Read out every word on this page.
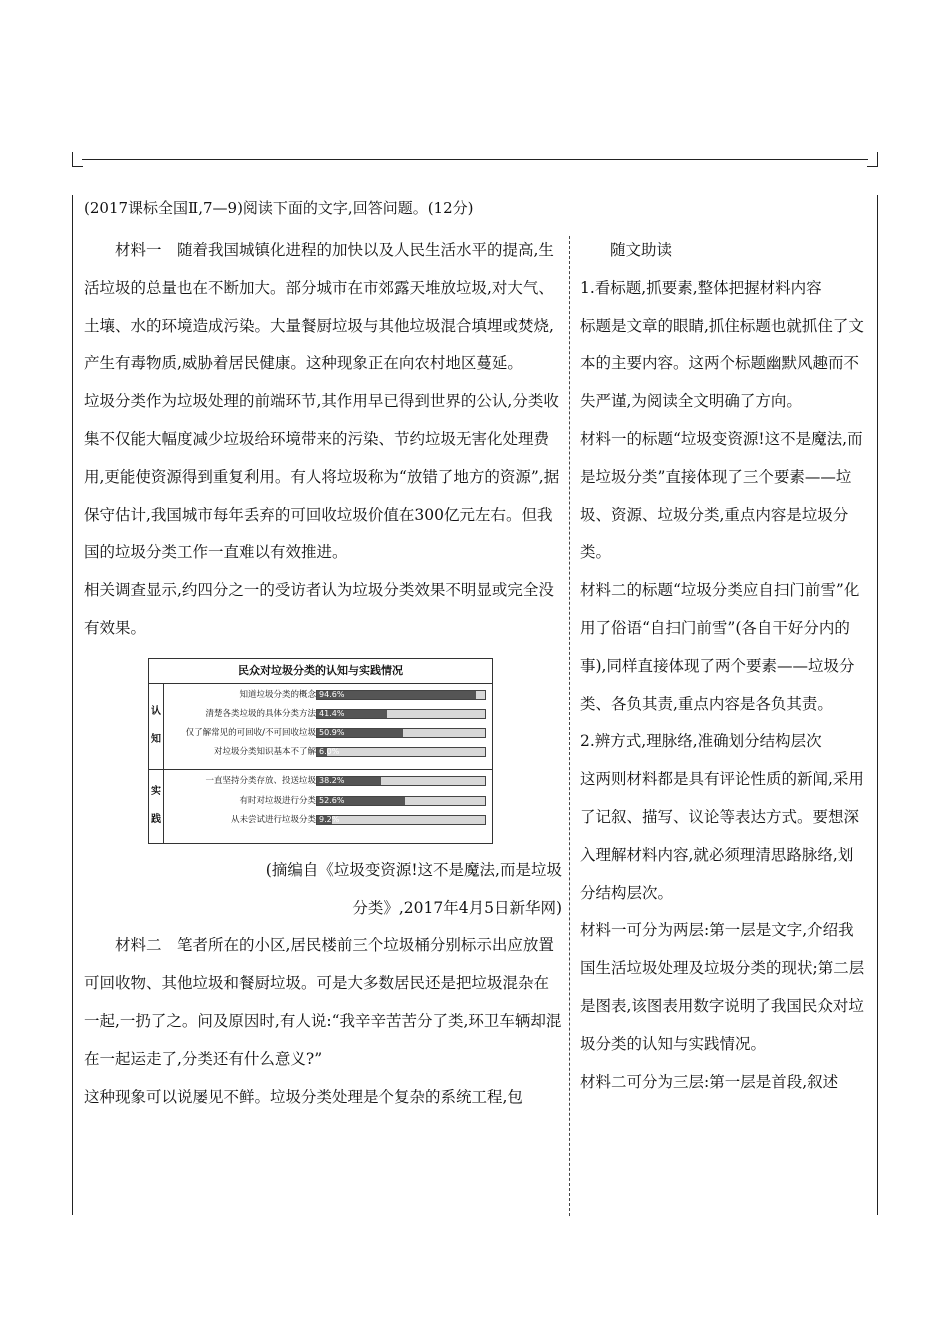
(2017课标全国Ⅱ,7—9)阅读下面的文字,回答问题。(12分)

材料一　随着我国城镇化进程的加快以及人民生活水平的提高,生活垃圾的总量也在不断加大。部分城市在市郊露天堆放垃圾,对大气、土壤、水的环境造成污染。大量餐厨垃圾与其他垃圾混合填埋或焚烧,产生有毒物质,威胁着居民健康。这种现象正在向农村地区蔓延。

垃圾分类作为垃圾处理的前端环节,其作用早已得到世界的公认,分类收集不仅能大幅度减少垃圾给环境带来的污染、节约垃圾无害化处理费用,更能使资源得到重复利用。有人将垃圾称为“放错了地方的资源”,据保守估计,我国城市每年丢弃的可回收垃圾价值在300亿元左右。但我国的垃圾分类工作一直难以有效推进。

相关调查显示,约四分之一的受访者认为垃圾分类效果不明显或完全没有效果。

民众对垃圾分类的认知与实践情况
认

知
实

践
知道垃圾分类的概念 94.6%
清楚各类垃圾的具体分类方法 41.4%
仅了解常见的可回收/不可回收垃圾 50.9%
对垃圾分类知识基本不了解 6.0%
一直坚持分类存放、投送垃圾 38.2%
有时对垃圾进行分类 52.6%
从未尝试进行垃圾分类 9.2%

(摘编自《垃圾变资源!这不是魔法,而是垃圾

分类》,2017年4月5日新华网)

材料二　笔者所在的小区,居民楼前三个垃圾桶分别标示出应放置可回收物、其他垃圾和餐厨垃圾。可是大多数居民还是把垃圾混杂在一起,一扔了之。问及原因时,有人说:“我辛辛苦苦分了类,环卫车辆却混在一起运走了,分类还有什么意义?”

这种现象可以说屡见不鲜。垃圾分类处理是个复杂的系统工程,包

随文助读

1.看标题,抓要素,整体把握材料内容

标题是文章的眼睛,抓住标题也就抓住了文本的主要内容。这两个标题幽默风趣而不失严谨,为阅读全文明确了方向。

材料一的标题“垃圾变资源!这不是魔法,而是垃圾分类”直接体现了三个要素——垃圾、资源、垃圾分类,重点内容是垃圾分类。

材料二的标题“垃圾分类应自扫门前雪”化用了俗语“自扫门前雪”(各自干好分内的事),同样直接体现了两个要素——垃圾分类、各负其责,重点内容是各负其责。

2.辨方式,理脉络,准确划分结构层次

这两则材料都是具有评论性质的新闻,采用了记叙、描写、议论等表达方式。要想深入理解材料内容,就必须理清思路脉络,划分结构层次。

材料一可分为两层:第一层是文字,介绍我国生活垃圾处理及垃圾分类的现状;第二层是图表,该图表用数字说明了我国民众对垃圾分类的认知与实践情况。

材料二可分为三层:第一层是首段,叙述
